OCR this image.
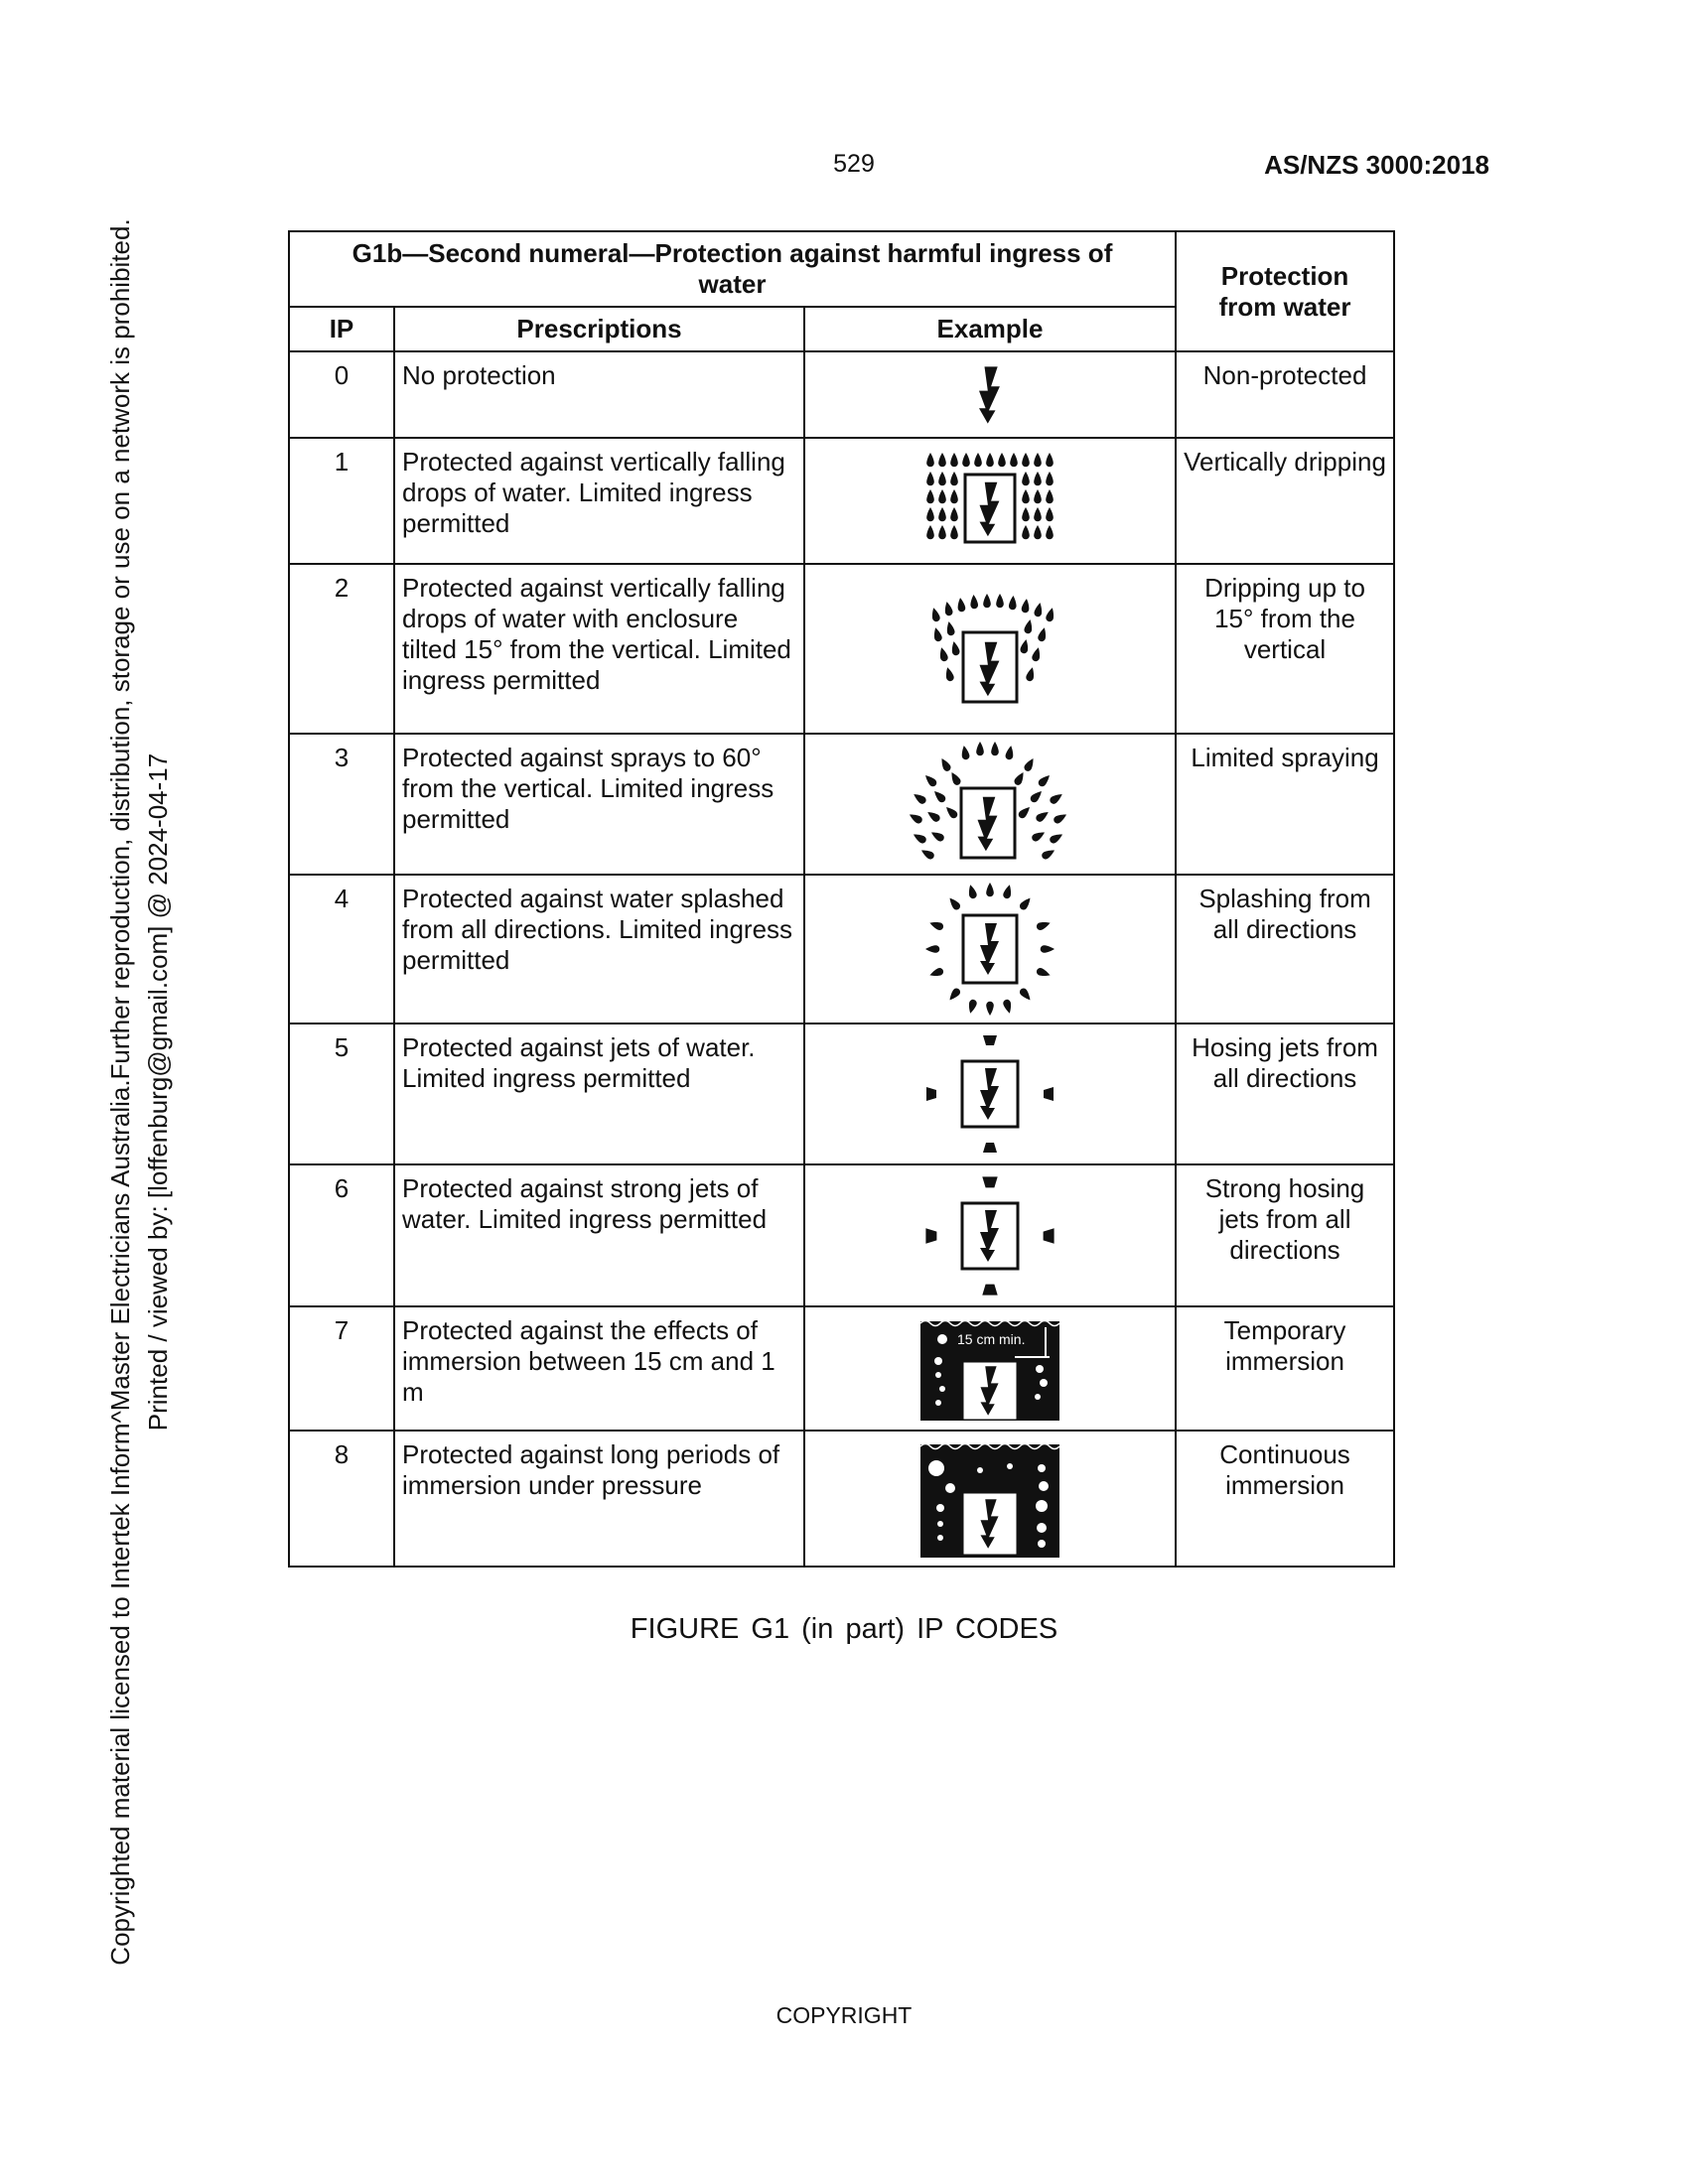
529	AS/NZS 3000:2018
Copyrighted material licensed to Intertek Inform^Master Electricians Australia.Further reproduction, distribution, storage or use on a network is prohibited. Printed / viewed by: [loffenburg@gmail.com] @ 2024-04-17
G1b—Second numeral—Protection against harmful ingress of water			Protection from water
IP	Prescriptions	Example	
0	No protection		Non-protected
1	Protected against vertically falling drops of water. Limited ingress permitted		Vertically dripping
2	Protected against vertically falling drops of water with enclosure tilted 15° from the vertical. Limited ingress permitted		Dripping up to 15° from the vertical
3	Protected against sprays to 60° from the vertical. Limited ingress permitted		Limited spraying
4	Protected against water splashed from all directions. Limited ingress permitted		Splashing from all directions
5	Protected against jets of water. Limited ingress permitted		Hosing jets from all directions
6	Protected against strong jets of water. Limited ingress permitted		Strong hosing jets from all directions
7	Protected against the effects of immersion between 15 cm and 1 m	15 cm min.	Temporary immersion
8	Protected against long periods of immersion under pressure		Continuous immersion
FIGURE G1 (in part) IP CODES
COPYRIGHT
